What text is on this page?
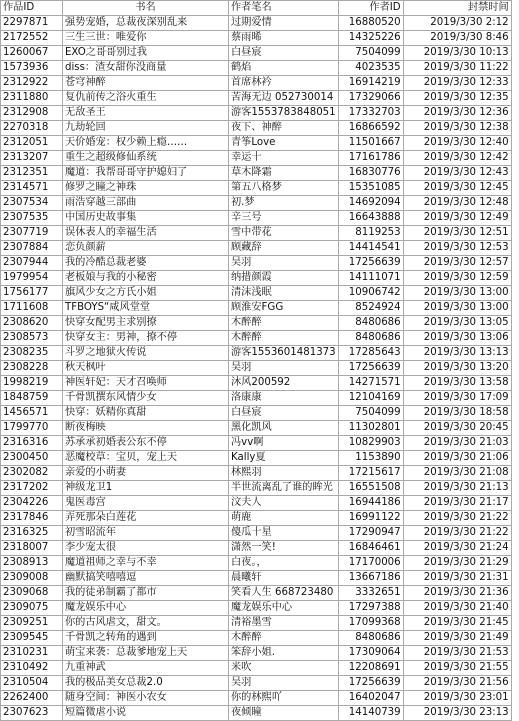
作品ID	书名	作者笔名	作者ID	封禁时间
2297871	强势宠婚，总裁夜深别乱来	过期爱情	16880520	2019/3/30 2:12
2172552	三生三世：唯爱你	蔡雨晞	14325226	2019/3/30 8:46
1260067	EXO之哥哥别过我	白昼宸	7504099	2019/3/30 10:13
1573936	diss：渣女甜你没商量	鹤焰	4023535	2019/3/30 11:22
2312922	苍穹神醉	首席林衿	16914219	2019/3/30 12:33
2311880	复仇前传之浴火重生	苦海无边 052730014	17329066	2019/3/30 12:35
2312908	无敌圣王	游客1553783848051	17332703	2019/3/30 12:36
2270318	九劫轮回	夜下、神醉	16866592	2019/3/30 12:38
2312051	天价婚宠：权少赖上瘾……	青筝Love	11501667	2019/3/30 12:40
2313207	重生之超级修仙系统	幸运十	17161786	2019/3/30 12:42
2312351	魔道：我帮哥哥守护媳妇了	草木降霜	16830776	2019/3/30 12:43
2314571	修罗之瞳之神珠	第五八格梦	15351085	2019/3/30 12:45
2307534	雨浩穿越三部曲	初.梦	14692094	2019/3/30 12:48
2307535	中国历史故事集	辛三号	16643888	2019/3/30 12:49
2307719	误休表人的幸福生活	雪中带花	8119253	2019/3/30 12:51
2307884	恋负颜薪	顾藏辞	14414541	2019/3/30 12:53
2307944	我的冷酷总裁老婆	吴羽	17256639	2019/3/30 12:57
1979954	老板娘与我的小秘密	纳措颜霞	14111071	2019/3/30 12:59
1756177	旗风少女之方氏小姐	清沫浅眠	10906742	2019/3/30 13:00
1711608	TFBOYS“咸风堂堂	顾淮安FGG	8524924	2019/3/30 13:00
2308620	快穿女配男主求别撩	木醉醉	8480686	2019/3/30 13:05
2308573	快穿女主：男神，撩不停	木醉醉	8480686	2019/3/30 13:06
2308235	斗罗之地狱火传说	游客1553601481373	17285643	2019/3/30 13:13
2308228	秋天枫叶	吴羽	17256639	2019/3/30 13:20
1998219	神医轩妃：天才召唤师	沐风200592	14271571	2019/3/30 13:58
1848759	千骨凯撰东风情少女	洛康康	12104169	2019/3/30 17:09
1456571	快穿：妖精你真甜	白昼宸	7504099	2019/3/30 18:58
1799770	断夜梅映	黑化凯风	11302801	2019/3/30 20:45
2316316	苏承承初婚表公东不停	冯vv啊	10829903	2019/3/30 21:03
2300450	恶魔校草：宝贝，宠上天	Kally夏	1153890	2019/3/30 21:06
2302082	亲爱的小萌妻	林熙羽	17215617	2019/3/30 21:08
2317202	神级龙卫1	半世流离乱了谁的眸光	16551508	2019/3/30 21:13
2304226	鬼医毒宫	汶夫人	16944186	2019/3/30 21:17
2317846	弄死那朵白莲花	萌鹿	16991122	2019/3/30 21:22
2316325	初雪昭流年	傻瓜十星	17290947	2019/3/30 21:22
2318007	李少宠太很	潇然一笑!	16846461	2019/3/30 21:24
2308913	魔道祖师之幸与不幸	白夜。，	17170006	2019/3/30 21:29
2309008	幽默搞笑嘻嘻逗	晨曦轩	13667186	2019/3/30 21:31
2309068	我的徒弟制霸了都市	笑看人生 668723480	3332651	2019/3/30 21:36
2309075	魔龙娱乐中心	魔龙娱乐中心	17297388	2019/3/30 21:40
2309251	你的古风虐文，甜文。	清裕墨雪	17099368	2019/3/30 21:45
2309545	千骨凯之转角的遇到	木醉醉	8480686	2019/3/30 21:49
2310231	萌宝来袭：总裁爹地宠上天	笨辞小姐.	17309064	2019/3/30 21:53
2310492	九重神武	米吹	12208691	2019/3/30 21:55
2310504	我的极品美女总裁2.0	吴羽	17256639	2019/3/30 21:56
2262400	随身空间：神医小农女	你的林熙吖	16402047	2019/3/30 23:01
2307623	短篇微虐小说	夜倾瞳	14140739	2019/3/30 23:13
